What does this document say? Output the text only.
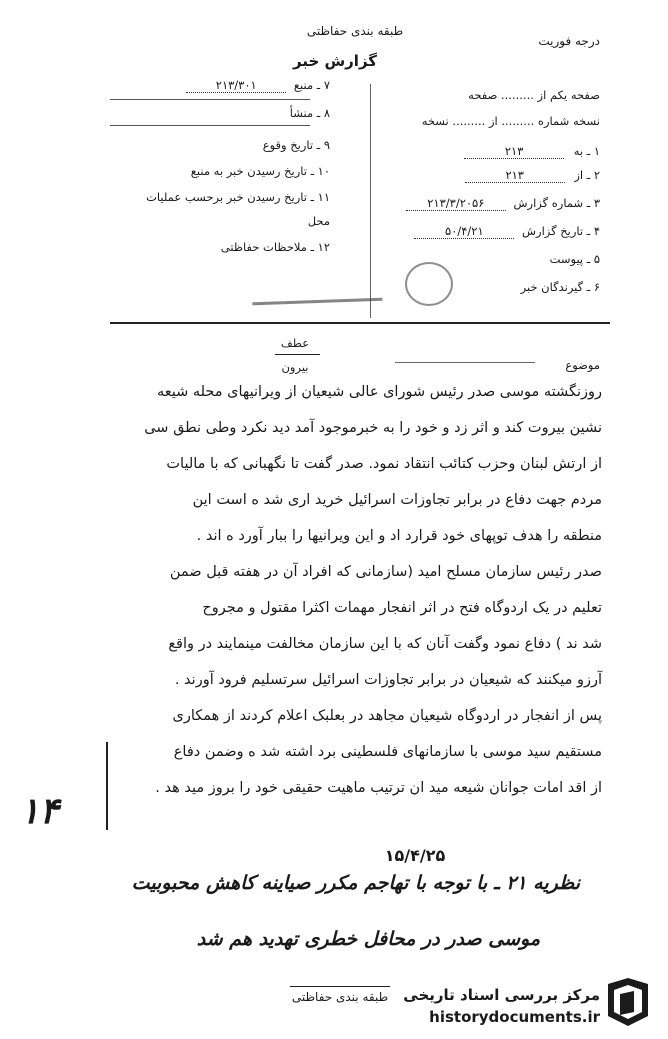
طبقه بندی حفاظتی
درجه فوریت
گزارش خبر
صفحه یکم از ......... صفحه
نسخه شماره ......... از ......... نسخه
۱ ـ به ۲۱۳
۲ ـ از ۲۱۳
۳ ـ شماره گزارش ۲۱۳/۳/۲۰۵۶
۴ ـ تاریخ گزارش ۵۰/۴/۲۱
۵ ـ پیوست
۶ ـ گیرندگان خبر
۷ ـ منبع ۲۱۳/۳۰۱
۸ ـ منشأ
۹ ـ تاریخ وقوع
۱۰ ـ تاریخ رسیدن خبر به منبع
۱۱ ـ تاریخ رسیدن خبر برحسب عملیات
محل
۱۲ ـ ملاحظات حفاظتی
موضوع
عطف
بیرون
روزنگشته موسی صدر رئیس شورای عالی شیعیان از ویرانیهای محله شیعه
نشین بیروت کند و اثر زد و خود را به خبرموجود آمد دید نکرد وطی نطق سی
از ارتش لبنان وحزب کتائب انتقاد نمود. صدر گفت تا نگهبانی که با مالیات
مردم جهت دفاع در برابر تجاوزات اسرائیل خرید اری شد ه است این
منطقه را هدف توپهای خود قرارد اد و این ویرانیها را ببار آورد ه اند .
صدر رئیس سازمان مسلح امید (سازمانی که افراد آن در هفته قبل ضمن
تعلیم در یک اردوگاه فتح در اثر انفجار مهمات اکثرا مقتول و مجروح
شد ند ) دفاع نمود وگفت آنان که با این سازمان مخالفت مینمایند در واقع
آرزو میکنند که شیعیان در برابر تجاوزات اسرائیل سرتسلیم فرود آورند .
پس از انفجار در اردوگاه شیعیان مجاهد در بعلبک اعلام کردند از همکاری
مستقیم سید موسی با سازمانهای فلسطینی برد اشته شد ه وضمن دفاع
از اقد امات جوانان شیعه مید ان ترتیب ماهیت حقیقی خود را بروز مید هد .
۱۴
۱۵/۴/۲۵
نظریه ۲۱ ـ با توجه با تهاجم مکرر صیاینه کاهش محبوبیت
موسی صدر در محافل خطری تهدید هم شد
طبقه بندی حفاظتی	مرکز بررسی اسناد تاریخی
historydocuments.ir
